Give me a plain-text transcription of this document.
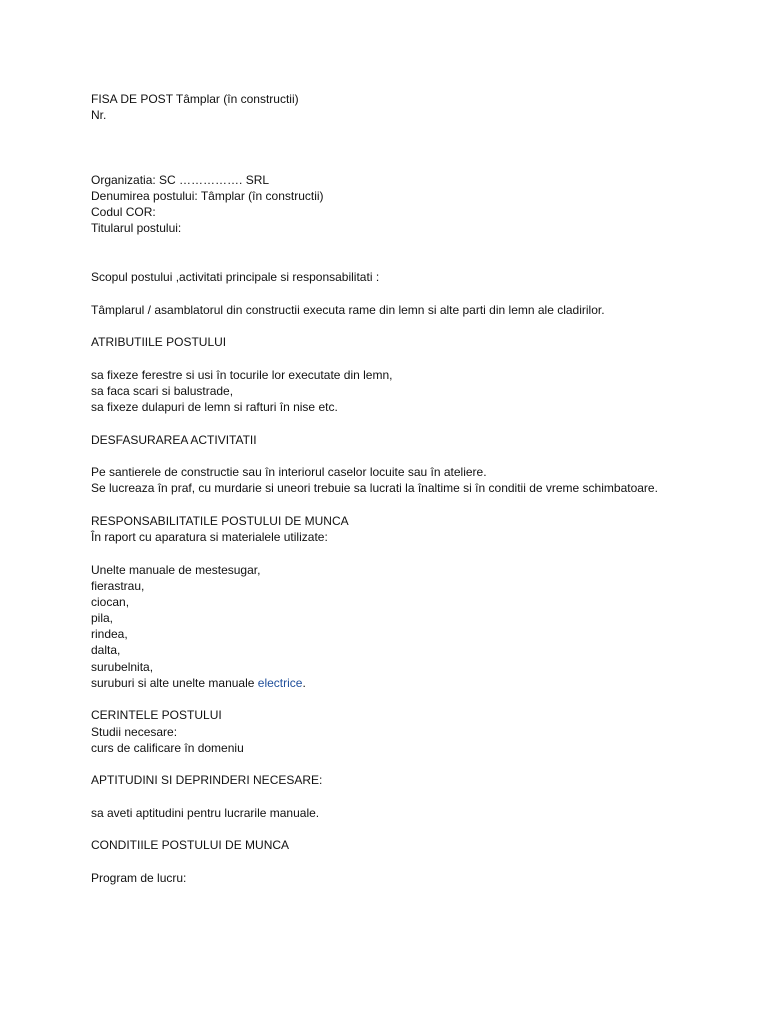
FISA DE POST Tâmplar (în constructii)
Nr.
Organizatia: SC ……………. SRL
Denumirea postului: Tâmplar (în constructii)
Codul COR:
Titularul postului:
Scopul postului ,activitati principale si responsabilitati :
Tâmplarul / asamblatorul din constructii executa rame din lemn si alte parti din lemn ale cladirilor.
ATRIBUTIILE POSTULUI
sa fixeze ferestre si usi în tocurile lor executate din lemn,
sa faca scari si balustrade,
sa fixeze dulapuri de lemn si rafturi în nise etc.
DESFASURAREA ACTIVITATII
Pe santierele de constructie sau în interiorul caselor locuite sau în ateliere.
Se lucreaza în praf, cu murdarie si uneori trebuie sa lucrati la înaltime si în conditii de vreme schimbatoare.
RESPONSABILITATILE POSTULUI DE MUNCA
În raport cu aparatura si materialele utilizate:
Unelte manuale de mestesugar,
fierastrau,
ciocan,
pila,
rindea,
dalta,
surubelnita,
suruburi si alte unelte manuale electrice.
CERINTELE POSTULUI
Studii necesare:
curs de calificare în domeniu
APTITUDINI SI DEPRINDERI NECESARE:
sa aveti aptitudini pentru lucrarile manuale.
CONDITIILE POSTULUI DE MUNCA
Program de lucru:
